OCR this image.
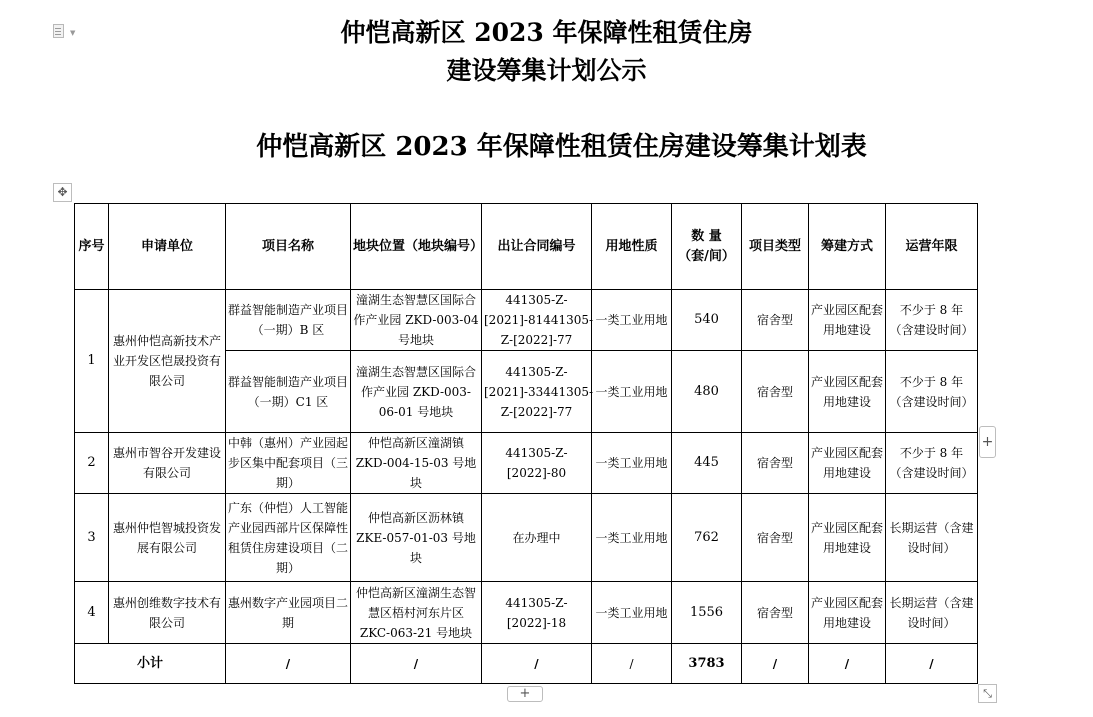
▼	仲恺高新区 2023 年保障性租赁住房
建设筹集计划公示
仲恺高新区 2023 年保障性租赁住房建设筹集计划表
✥
序号	申请单位	项目名称	地块位置（地块编号）	出让合同编号	用地性质	数 量
（套/间）	项目类型	筹建方式	运营年限
1	惠州仲恺高新技术产业开发区恺晟投资有限公司	群益智能制造产业项目（一期）B 区	潼湖生态智慧区国际合作产业园 ZKD-003-04 号地块	441305-Z-[2021]-81441305-Z-[2022]-77	一类工业用地	540	宿舍型	产业园区配套用地建设	不少于 8 年（含建设时间）
		群益智能制造产业项目（一期）C1 区	潼湖生态智慧区国际合作产业园 ZKD-003-06-01 号地块	441305-Z-[2021]-33441305-Z-[2022]-77	一类工业用地	480	宿舍型	产业园区配套用地建设	不少于 8 年（含建设时间）
2	惠州市智谷开发建设有限公司	中韩（惠州）产业园起步区集中配套项目（三期）	仲恺高新区潼湖镇 ZKD-004-15-03 号地块	441305-Z-[2022]-80	一类工业用地	445	宿舍型	产业园区配套用地建设	不少于 8 年（含建设时间）
3	惠州仲恺智城投资发展有限公司	广东（仲恺）人工智能产业园西部片区保障性租赁住房建设项目（二期）	仲恺高新区沥林镇 ZKE-057-01-03 号地块	在办理中	一类工业用地	762	宿舍型	产业园区配套用地建设	长期运营（含建设时间）
4	惠州创维数字技术有限公司	惠州数字产业园项目二期	仲恺高新区潼湖生态智慧区梧村河东片区 ZKC-063-21 号地块	441305-Z-[2022]-18	一类工业用地	1556	宿舍型	产业园区配套用地建设	长期运营（含建设时间）
小计		/	/	/	/	3783	/	/	/
+
+	⤡
